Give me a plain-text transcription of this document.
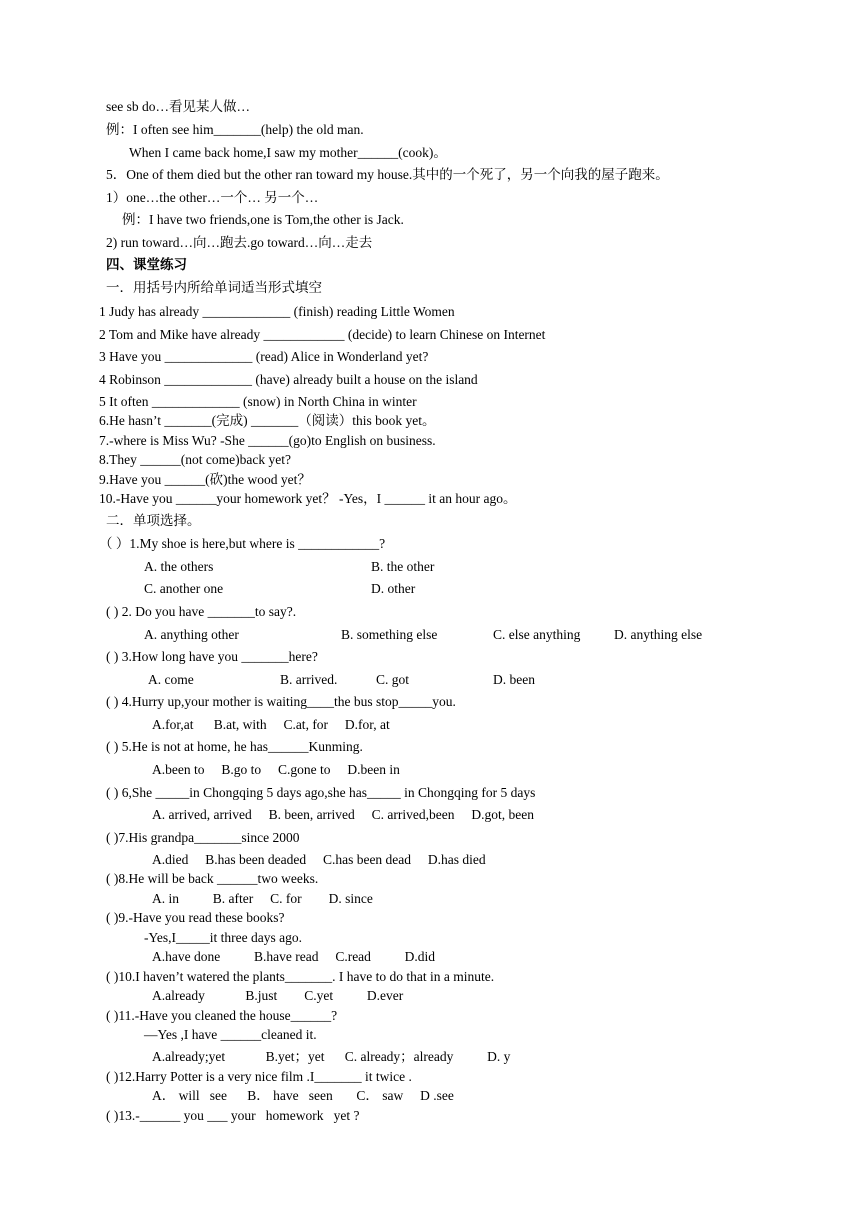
see sb do…看见某人做…
例：I often see him_______(help) the old man.
When I came back home,I saw my mother______(cook)。
5．One of them died but the other ran toward my house.其中的一个死了，另一个向我的屋子跑来。
1）one…the other…一个… 另一个…
例：I have two friends,one is Tom,the other is Jack.
2) run toward…向…跑去.go toward…向…走去
四、课堂练习
一．用括号内所给单词适当形式填空
1 Judy has already _____________ (finish) reading Little Women
2 Tom and Mike have already ____________ (decide) to learn Chinese on Internet
3 Have you _____________ (read) Alice in Wonderland yet?
4 Robinson _____________ (have) already built a house on the island
5 It often _____________ (snow) in North China in winter
6.He hasn’t _______(完成) _______（阅读）this book yet。
7.-where is Miss Wu? -She ______(go)to English on business.
8.They ______(not come)back yet?
9.Have you ______(砍)the wood yet？
10.-Have you ______your homework yet？ -Yes，I ______ it an hour ago。
二．单项选择。
（ ）1.My shoe is here,but where is ____________?
A. the others	B. the other
C. another one	D. other
( ) 2. Do you have _______to say?.
A. anything other	B. something else	C. else anything D. anything else
( ) 3.How long have you _______here?
A. come	B. arrived.	C. got	D. been
( ) 4.Hurry up,your mother is waiting____the bus stop_____you.
A.for,at      B.at, with     C.at, for     D.for, at
( ) 5.He is not at home, he has______Kunming.
A.been to     B.go to     C.gone to     D.been in
( ) 6,She _____in Chongqing 5 days ago,she has_____ in Chongqing for 5 days
A. arrived, arrived     B. been, arrived     C. arrived,been     D.got, been
( )7.His grandpa_______since 2000
A.died     B.has been deaded     C.has been dead     D.has died
( )8.He will be back ______two weeks.
A. in          B. after     C. for        D. since
( )9.-Have you read these books?
-Yes,I_____it three days ago.
A.have done          B.have read     C.read          D.did
( )10.I haven’t watered the plants_______. I have to do that in a minute.
A.already            B.just        C.yet          D.ever
( )11.-Have you cleaned the house______?
—Yes ,I have ______cleaned it.
A.already;yet            B.yet；yet      C. already；already          D. y
( )12.Harry Potter is a very nice film .I_______ it twice .
A． will   see      B． have   seen       C． saw     D .see
( )13.-______ you ___ your   homework   yet ?
